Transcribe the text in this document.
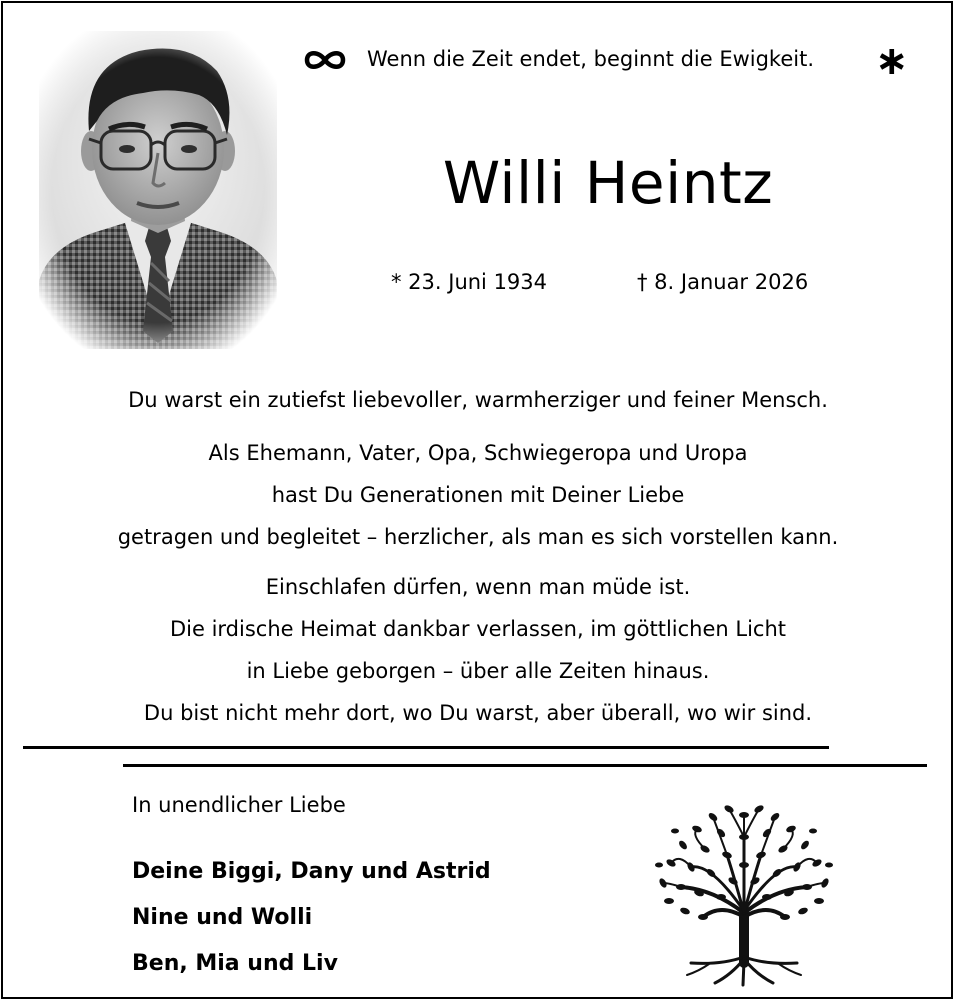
Wenn die Zeit endet, beginnt die Ewigkeit. ∗
Willi Heintz
* 23. Juni 1934	† 8. Januar 2026
Du warst ein zutiefst liebevoller, warmherziger und feiner Mensch.
Als Ehemann, Vater, Opa, Schwiegeropa und Uropa
hast Du Generationen mit Deiner Liebe
getragen und begleitet – herzlicher, als man es sich vorstellen kann.
Einschlafen dürfen, wenn man müde ist.
Die irdische Heimat dankbar verlassen, im göttlichen Licht
in Liebe geborgen – über alle Zeiten hinaus.
Du bist nicht mehr dort, wo Du warst, aber überall, wo wir sind.
In unendlicher Liebe
Deine Biggi, Dany und Astrid
Nine und Wolli
Ben, Mia und Liv
